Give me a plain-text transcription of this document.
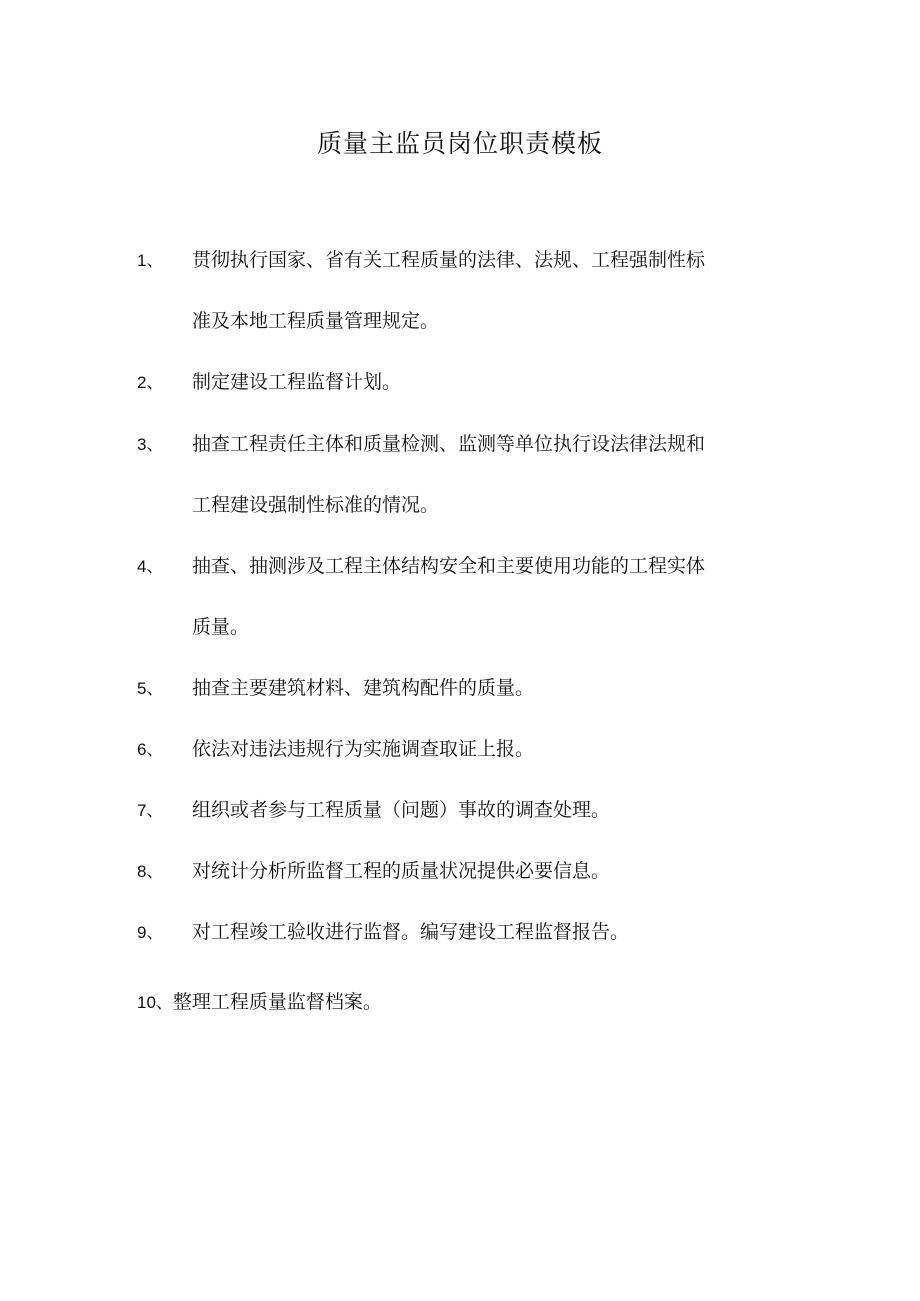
质量主监员岗位职责模板
1、 贯彻执行国家、省有关工程质量的法律、法规、工程强制性标
准及本地工程质量管理规定。
2、 制定建设工程监督计划。
3、 抽查工程责任主体和质量检测、监测等单位执行设法律法规和
工程建设强制性标准的情况。
4、 抽查、抽测涉及工程主体结构安全和主要使用功能的工程实体
质量。
5、 抽查主要建筑材料、建筑构配件的质量。
6、 依法对违法违规行为实施调查取证上报。
7、 组织或者参与工程质量（问题）事故的调查处理。
8、 对统计分析所监督工程的质量状况提供必要信息。
9、 对工程竣工验收进行监督。编写建设工程监督报告。
10、整理工程质量监督档案。
